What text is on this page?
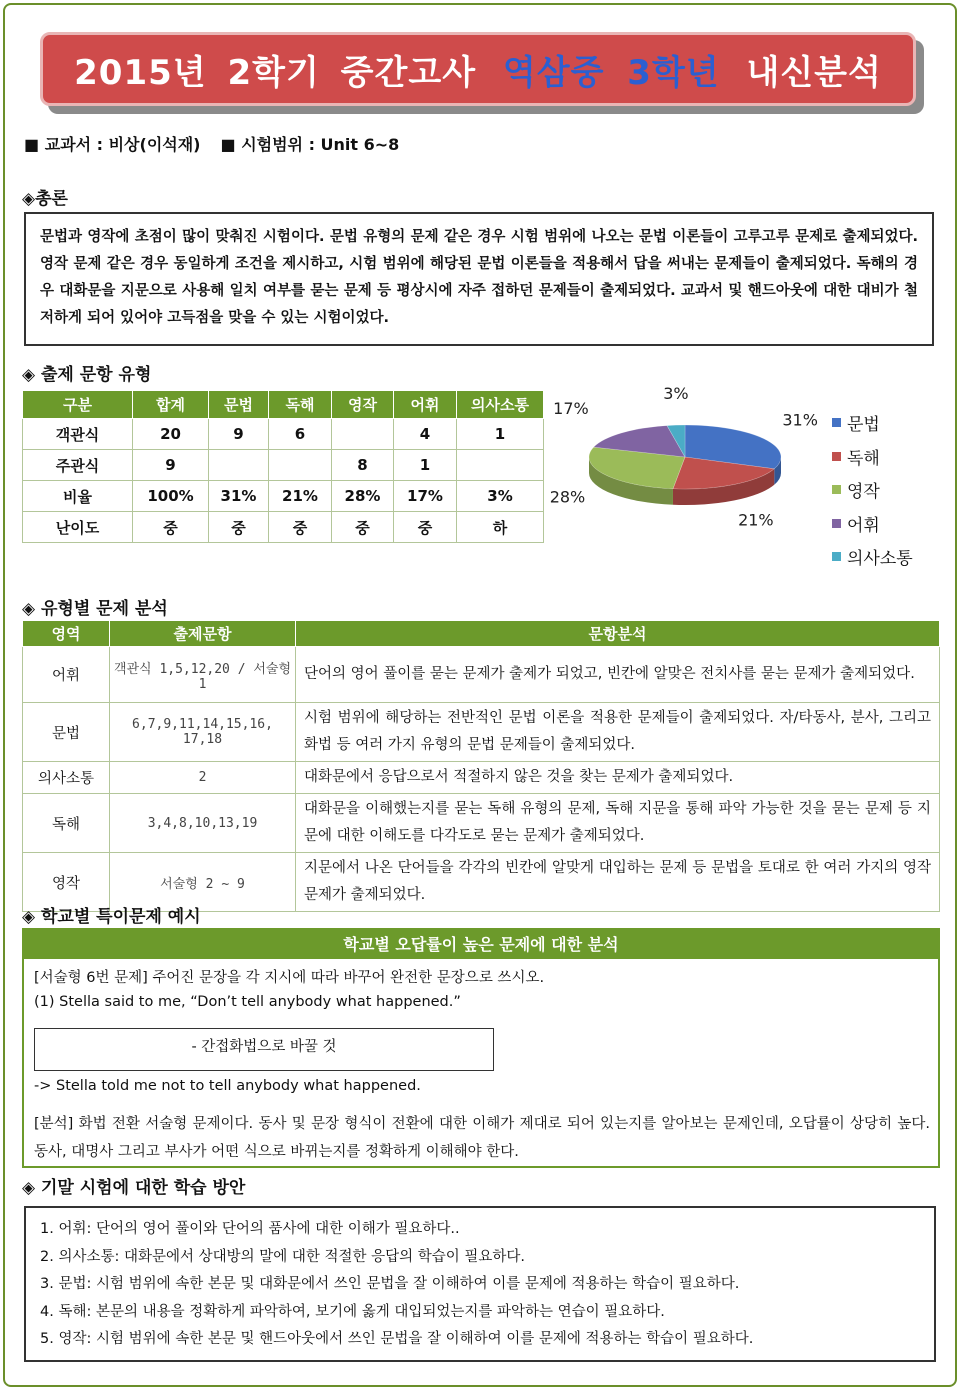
2015년 2학기 중간고사 역삼중 3학년 내신분석
■ 교과서 : 비상(이석재) ■ 시험범위 : Unit 6~8
◈총론

문법과 영작에 초점이 많이 맞춰진 시험이다. 문법 유형의 문제 같은 경우 시험 범위에 나오는 문법 이론들이 고루고루 문제로 출제되었다. 영작 문제 같은 경우 동일하게 조건을 제시하고, 시험 범위에 해당된 문법 이론들을 적용해서 답을 써내는 문제들이 출제되었다. 독해의 경우 대화문을 지문으로 사용해 일치 여부를 묻는 문제 등 평상시에 자주 접하던 문제들이 출제되었다. 교과서 및 핸드아웃에 대한 대비가 철저하게 되어 있어야 고득점을 맞을 수 있는 시험이었다.

◈ 출제 문항 유형
구분	합계	문법	독해	영작	어휘	의사소통
객관식	20	9	6		4	1
주관식	9			8	1	
비율	100%	31%	21%	28%	17%	3%
난이도	중	중	중	중	중	하
31%
21%
28%
17%
3%
문법
독해
영작
어휘
의사소통
◈ 유형별 문제 분석
영역	출제문항	문항분석
어휘	객관식 1,5,12,20 / 서술형 1	단어의 영어 풀이를 묻는 문제가 출제가 되었고, 빈칸에 알맞은 전치사를 묻는 문제가 출제되었다.
문법	6,7,9,11,14,15,16, 17,18	시험 범위에 해당하는 전반적인 문법 이론을 적용한 문제들이 출제되었다. 자/타동사, 분사, 그리고 화법 등 여러 가지 유형의 문법 문제들이 출제되었다.
의사소통	2	대화문에서 응답으로서 적절하지 않은 것을 찾는 문제가 출제되었다.
독해	3,4,8,10,13,19	대화문을 이해했는지를 묻는 독해 유형의 문제, 독해 지문을 통해 파악 가능한 것을 묻는 문제 등 지문에 대한 이해도를 다각도로 묻는 문제가 출제되었다.
영작	서술형 2 ~ 9	지문에서 나온 단어들을 각각의 빈칸에 알맞게 대입하는 문제 등 문법을 토대로 한 여러 가지의 영작 문제가 출제되었다.
◈ 학교별 특이문제 예시
학교별 오답률이 높은 문제에 대한 분석
[서술형 6번 문제] 주어진 문장을 각 지시에 따라 바꾸어 완전한 문장으로 쓰시오.
(1) Stella said to me, “Don’t tell anybody what happened.”
- 간접화법으로 바꿀 것
-> Stella told me not to tell anybody what happened.
[분석] 화법 전환 서술형 문제이다. 동사 및 문장 형식이 전환에 대한 이해가 제대로 되어 있는지를 알아보는 문제인데, 오답률이 상당히 높다. 동사, 대명사 그리고 부사가 어떤 식으로 바뀌는지를 정확하게 이해해야 한다.
◈ 기말 시험에 대한 학습 방안
1. 어휘: 단어의 영어 풀이와 단어의 품사에 대한 이해가 필요하다..
2. 의사소통: 대화문에서 상대방의 말에 대한 적절한 응답의 학습이 필요하다.
3. 문법: 시험 범위에 속한 본문 및 대화문에서 쓰인 문법을 잘 이해하여 이를 문제에 적용하는 학습이 필요하다.
4. 독해: 본문의 내용을 정확하게 파악하여, 보기에 옳게 대입되었는지를 파악하는 연습이 필요하다.
5. 영작: 시험 범위에 속한 본문 및 핸드아웃에서 쓰인 문법을 잘 이해하여 이를 문제에 적용하는 학습이 필요하다.
